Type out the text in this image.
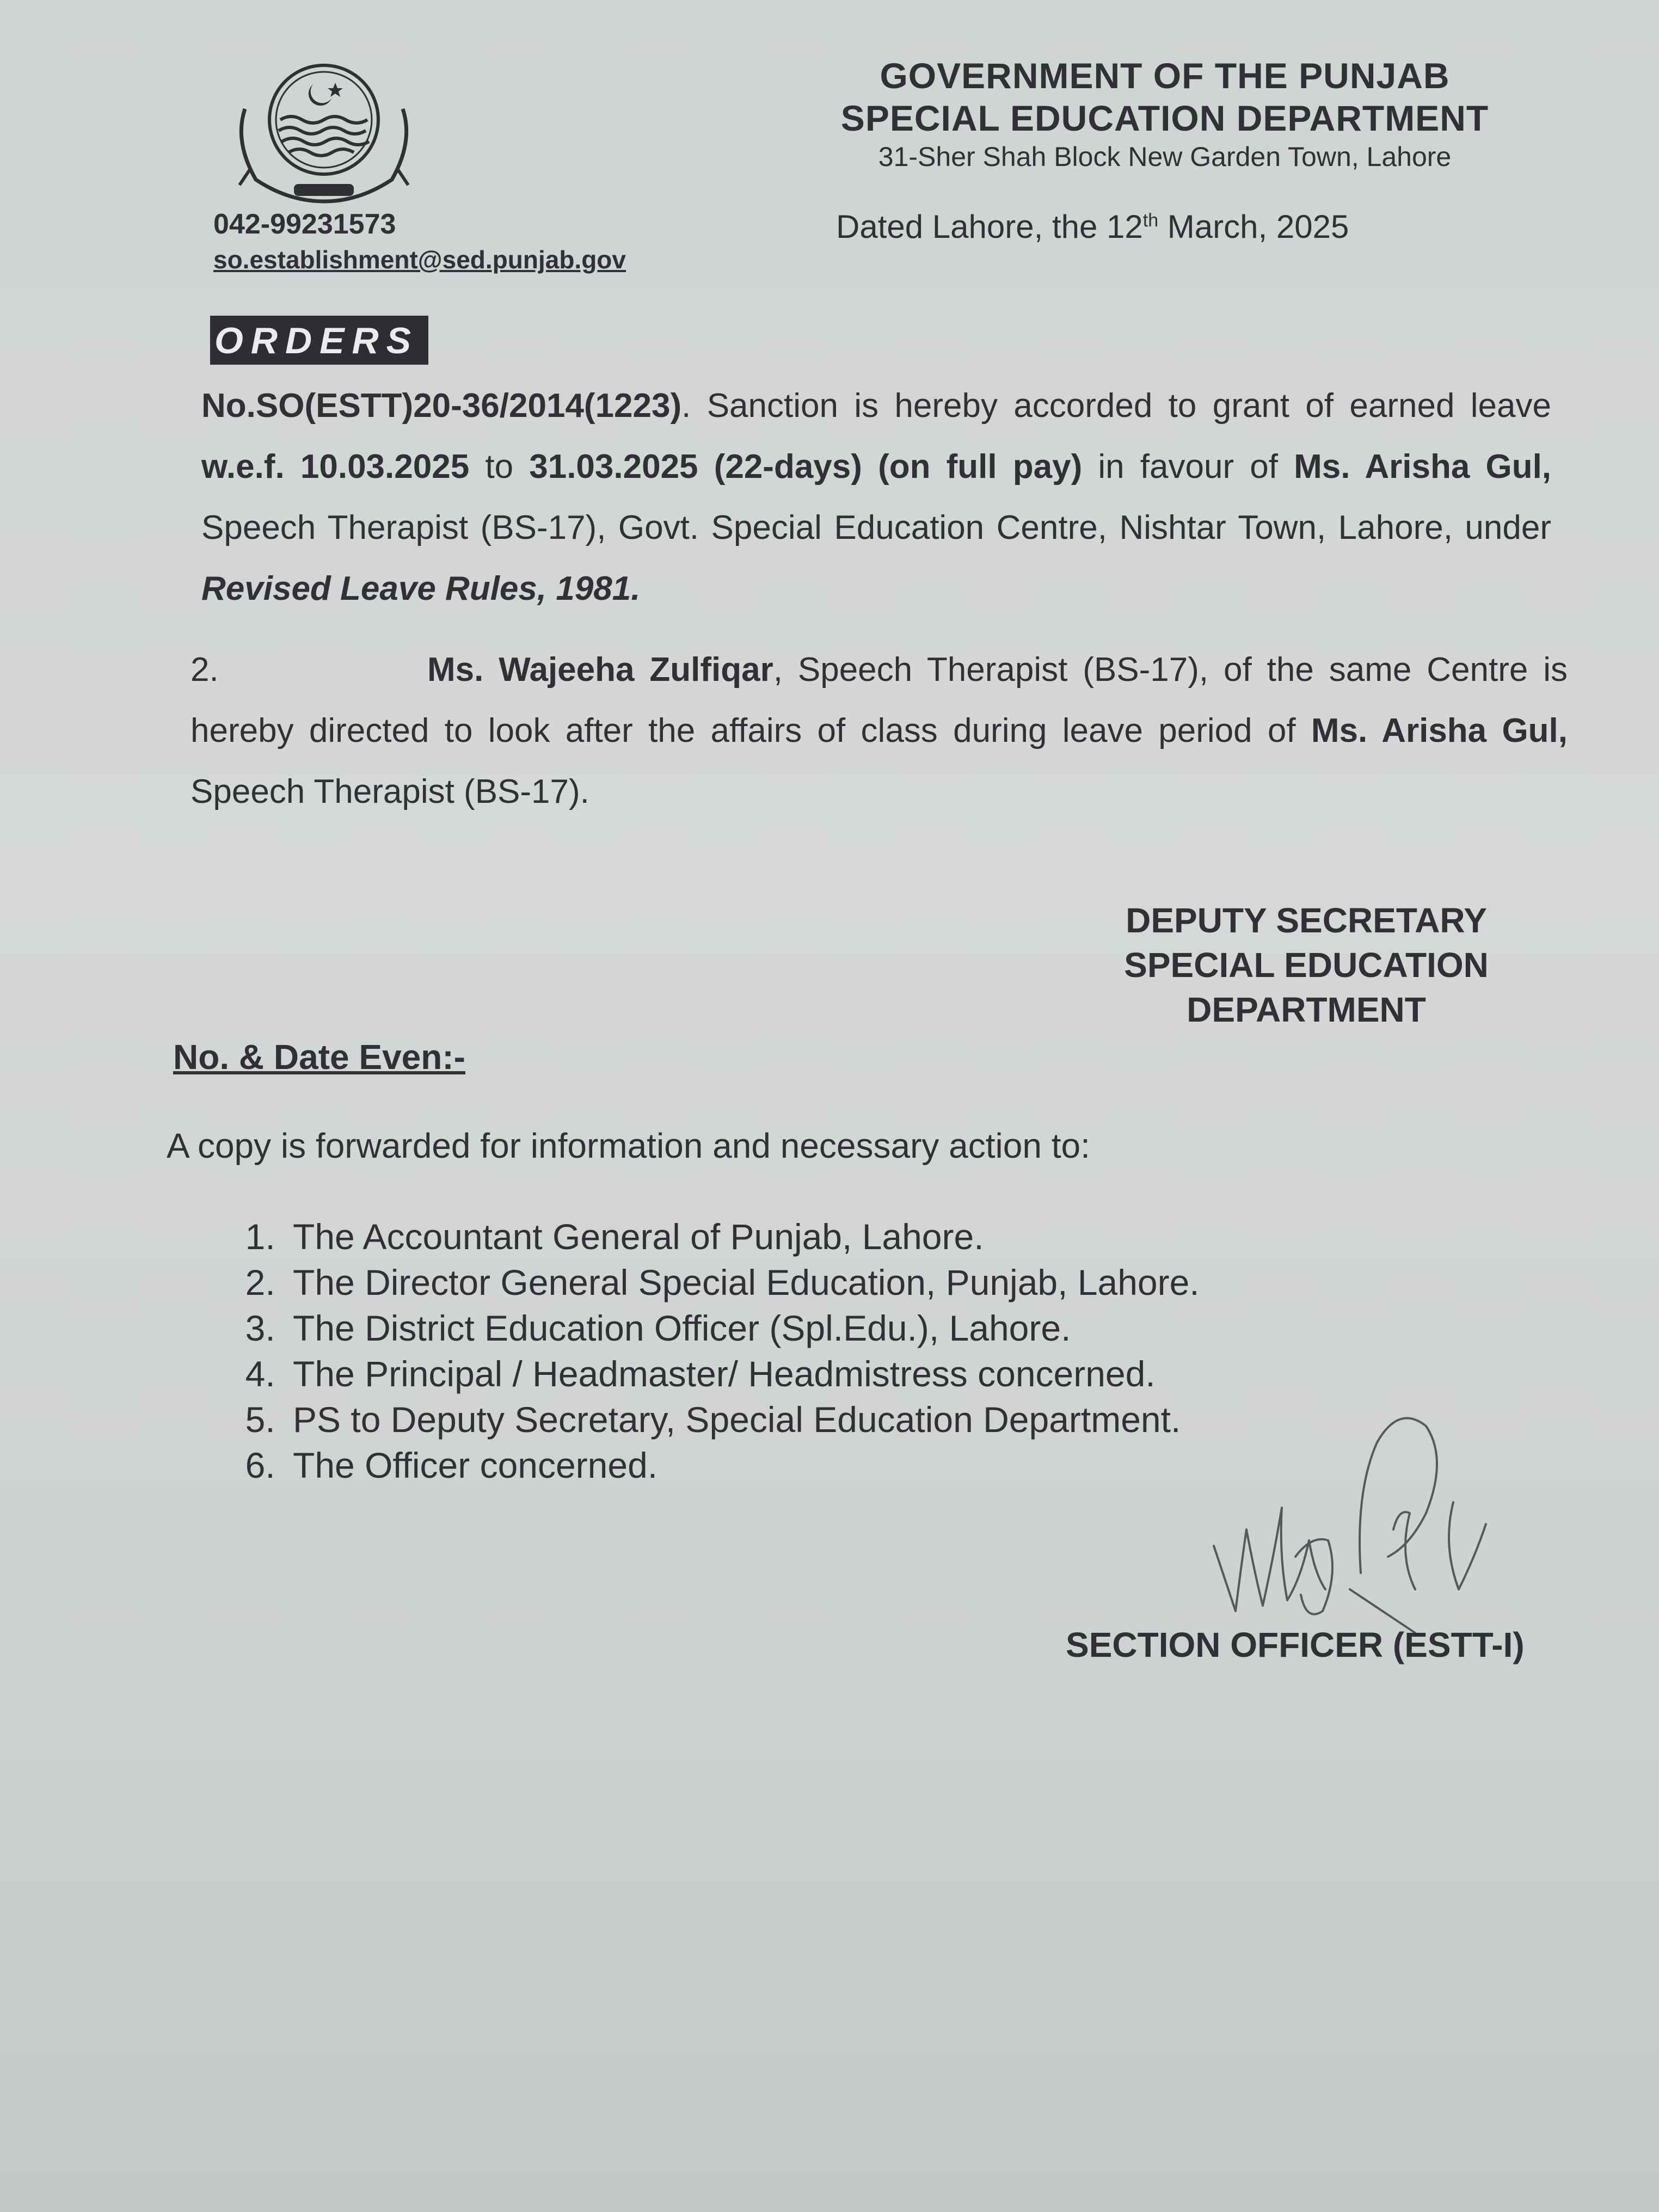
GOVERNMENT OF THE PUNJAB
SPECIAL EDUCATION DEPARTMENT
31-Sher Shah Block New Garden Town, Lahore
042-99231573
so.establishment@sed.punjab.gov
Dated Lahore, the 12th March, 2025
ORDERS

No.SO(ESTT)20-36/2014(1223). Sanction is hereby accorded to grant of earned leave w.e.f. 10.03.2025 to 31.03.2025 (22-days) (on full pay) in favour of Ms. Arisha Gul, Speech Therapist (BS-17), Govt. Special Education Centre, Nishtar Town, Lahore, under Revised Leave Rules, 1981.

2.	Ms. Wajeeha Zulfiqar, Speech Therapist (BS-17), of the same Centre is hereby directed to look after the affairs of class during leave period of Ms. Arisha Gul, Speech Therapist (BS-17).

DEPUTY SECRETARY
SPECIAL EDUCATION
DEPARTMENT
No. & Date Even:-
A copy is forwarded for information and necessary action to:
1. The Accountant General of Punjab, Lahore.
2. The Director General Special Education, Punjab, Lahore.
3. The District Education Officer (Spl.Edu.), Lahore.
4. The Principal / Headmaster/ Headmistress concerned.
5. PS to Deputy Secretary, Special Education Department.
6. The Officer concerned.
SECTION OFFICER (ESTT-I)
